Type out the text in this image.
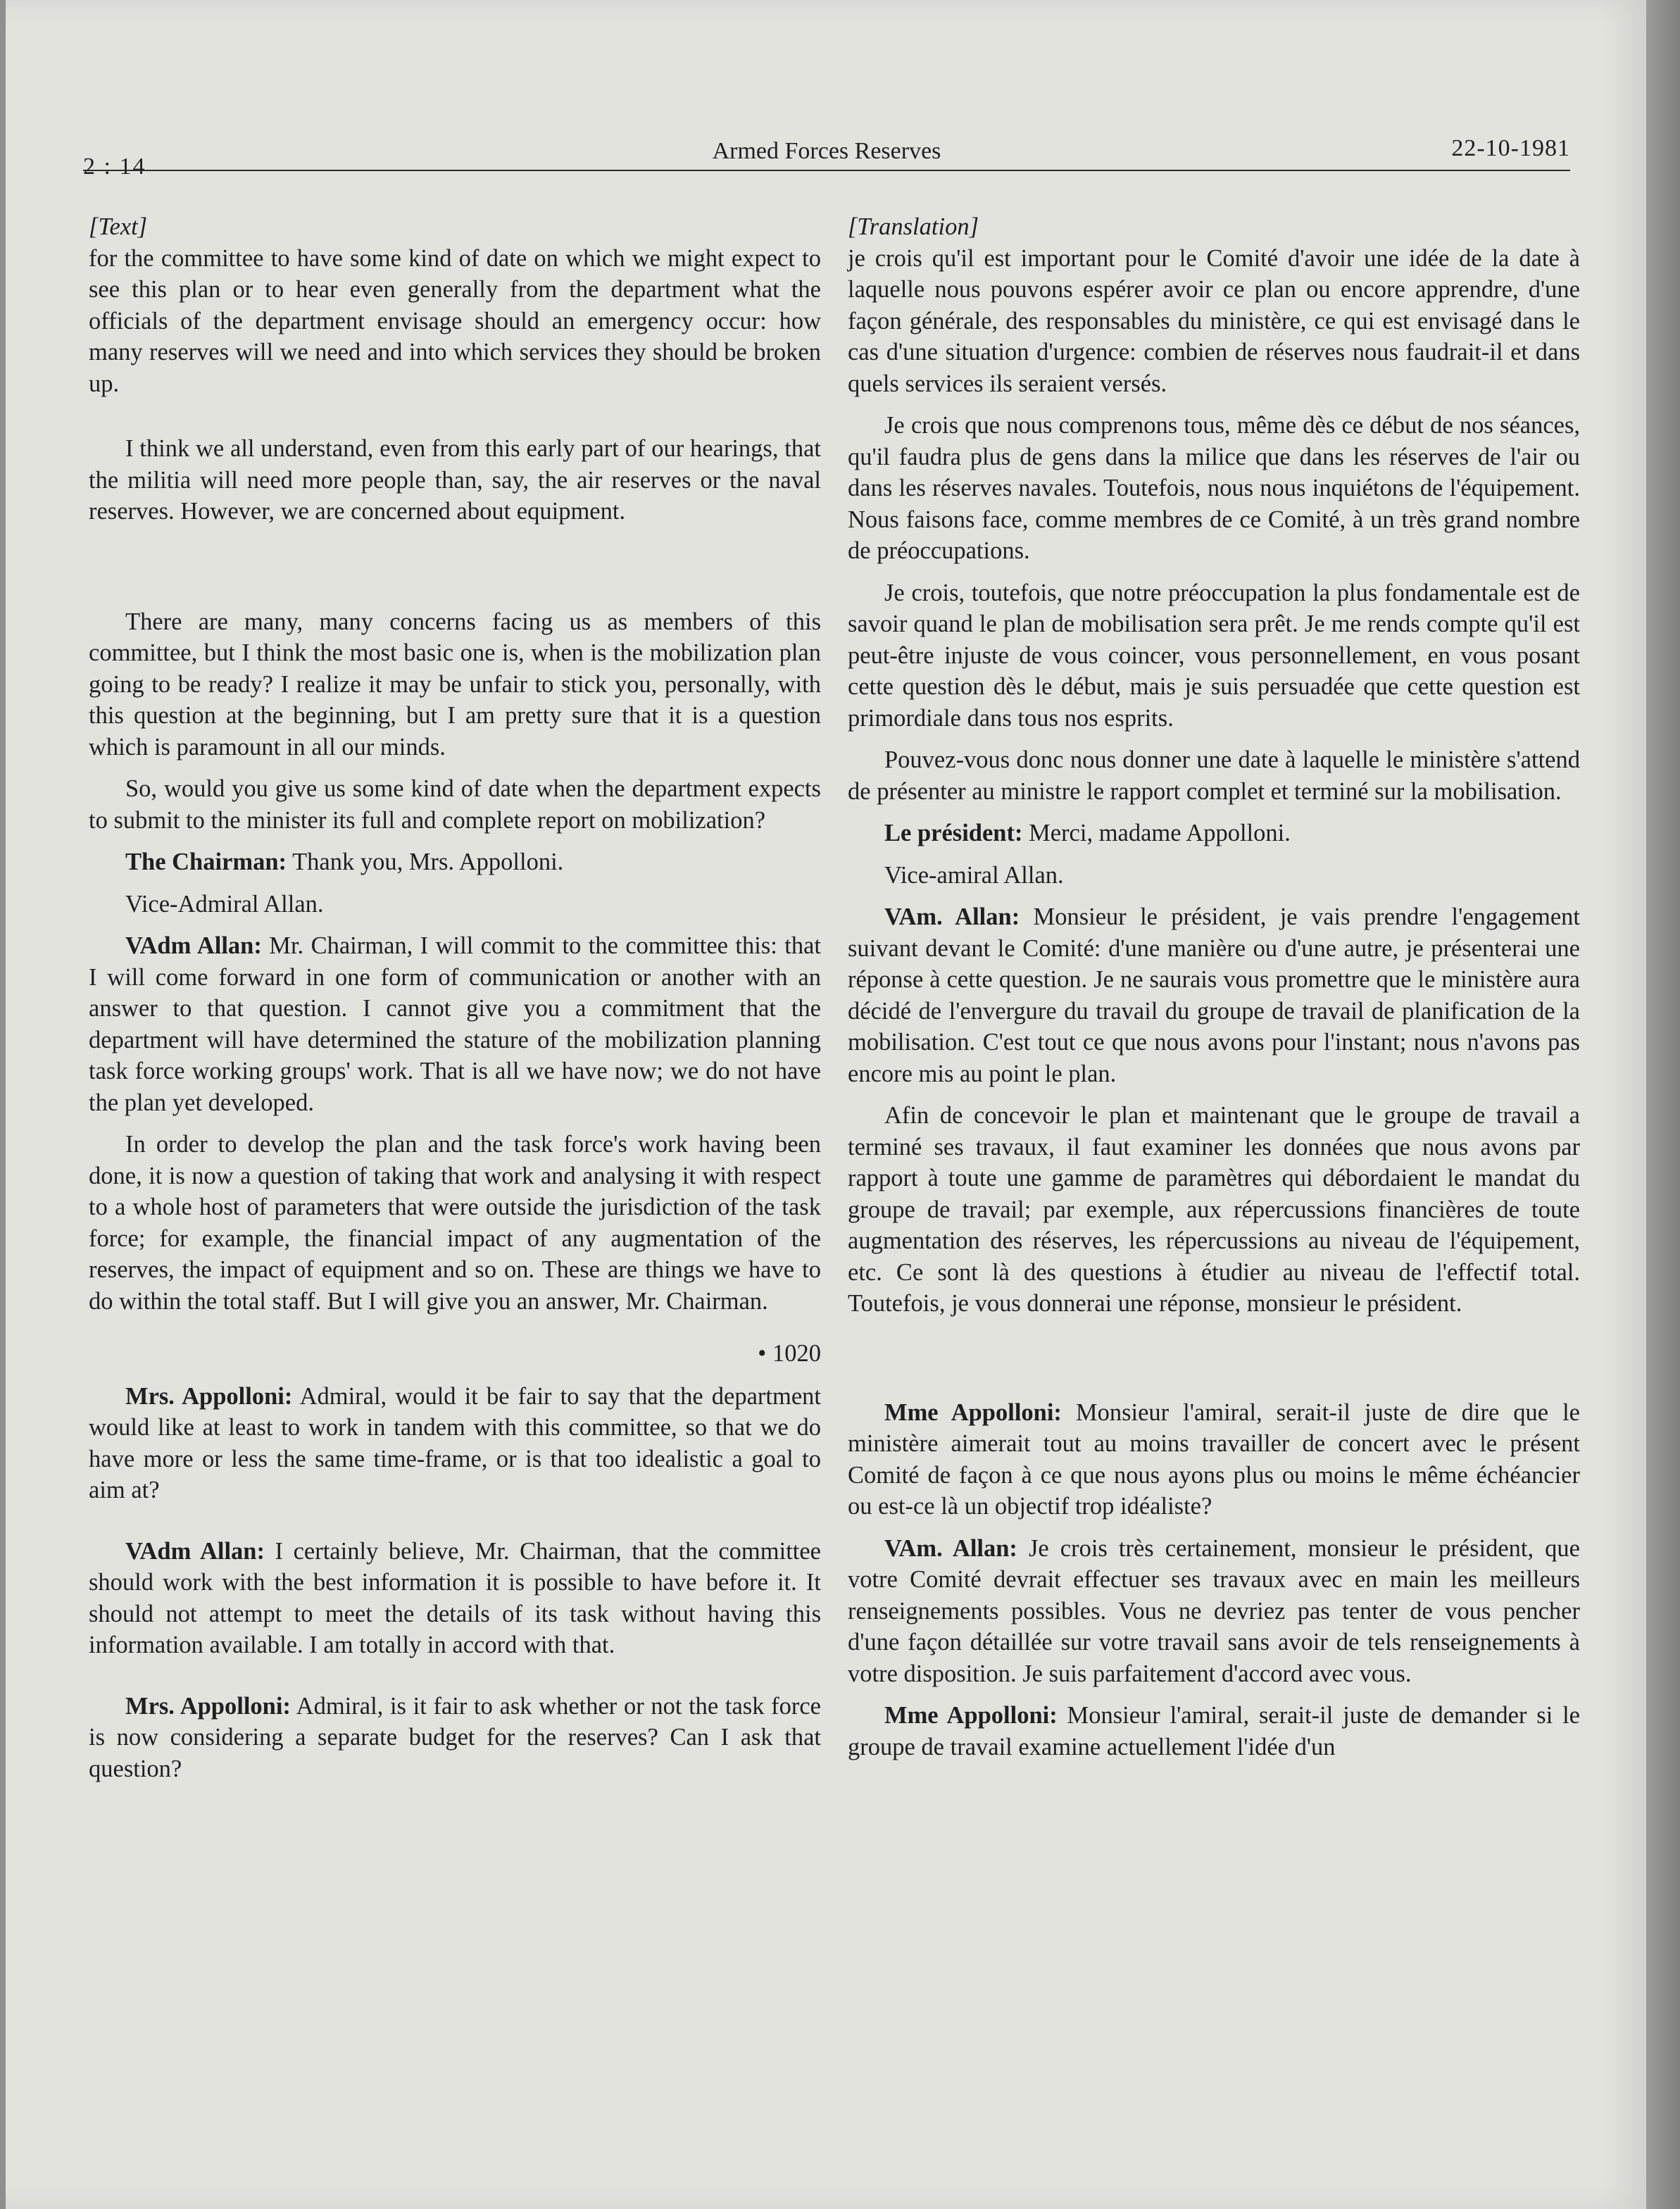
2 : 14
Armed Forces Reserves	22-10-1981

[Text]

for the committee to have some kind of date on which we might expect to see this plan or to hear even generally from the department what the officials of the department envisage should an emergency occur: how many reserves will we need and into which services they should be broken up.

I think we all understand, even from this early part of our hearings, that the militia will need more people than, say, the air reserves or the naval reserves. However, we are concerned about equipment.

There are many, many concerns facing us as members of this committee, but I think the most basic one is, when is the mobilization plan going to be ready? I realize it may be unfair to stick you, personally, with this question at the beginning, but I am pretty sure that it is a question which is paramount in all our minds.

So, would you give us some kind of date when the department expects to submit to the minister its full and complete report on mobilization?

The Chairman: Thank you, Mrs. Appolloni.

Vice-Admiral Allan.

VAdm Allan: Mr. Chairman, I will commit to the committee this: that I will come forward in one form of communication or another with an answer to that question. I cannot give you a commitment that the department will have determined the stature of the mobilization planning task force working groups' work. That is all we have now; we do not have the plan yet developed.

In order to develop the plan and the task force's work having been done, it is now a question of taking that work and analysing it with respect to a whole host of parameters that were outside the jurisdiction of the task force; for example, the financial impact of any augmentation of the reserves, the impact of equipment and so on. These are things we have to do within the total staff. But I will give you an answer, Mr. Chairman.

• 1020

Mrs. Appolloni: Admiral, would it be fair to say that the department would like at least to work in tandem with this committee, so that we do have more or less the same time-frame, or is that too idealistic a goal to aim at?

VAdm Allan: I certainly believe, Mr. Chairman, that the committee should work with the best information it is possible to have before it. It should not attempt to meet the details of its task without having this information available. I am totally in accord with that.

Mrs. Appolloni: Admiral, is it fair to ask whether or not the task force is now considering a separate budget for the reserves? Can I ask that question?

[Translation]

je crois qu'il est important pour le Comité d'avoir une idée de la date à laquelle nous pouvons espérer avoir ce plan ou encore apprendre, d'une façon générale, des responsables du ministère, ce qui est envisagé dans le cas d'une situation d'urgence: combien de réserves nous faudrait-il et dans quels services ils seraient versés.

Je crois que nous comprenons tous, même dès ce début de nos séances, qu'il faudra plus de gens dans la milice que dans les réserves de l'air ou dans les réserves navales. Toutefois, nous nous inquiétons de l'équipement. Nous faisons face, comme membres de ce Comité, à un très grand nombre de préoccupations.

Je crois, toutefois, que notre préoccupation la plus fondamentale est de savoir quand le plan de mobilisation sera prêt. Je me rends compte qu'il est peut-être injuste de vous coincer, vous personnellement, en vous posant cette question dès le début, mais je suis persuadée que cette question est primordiale dans tous nos esprits.

Pouvez-vous donc nous donner une date à laquelle le ministère s'attend de présenter au ministre le rapport complet et terminé sur la mobilisation.

Le président: Merci, madame Appolloni.

Vice-amiral Allan.

VAm. Allan: Monsieur le président, je vais prendre l'engagement suivant devant le Comité: d'une manière ou d'une autre, je présenterai une réponse à cette question. Je ne saurais vous promettre que le ministère aura décidé de l'envergure du travail du groupe de travail de planification de la mobilisation. C'est tout ce que nous avons pour l'instant; nous n'avons pas encore mis au point le plan.

Afin de concevoir le plan et maintenant que le groupe de travail a terminé ses travaux, il faut examiner les données que nous avons par rapport à toute une gamme de paramètres qui débordaient le mandat du groupe de travail; par exemple, aux répercussions financières de toute augmentation des réserves, les répercussions au niveau de l'équipement, etc. Ce sont là des questions à étudier au niveau de l'effectif total. Toutefois, je vous donnerai une réponse, monsieur le président.

Mme Appolloni: Monsieur l'amiral, serait-il juste de dire que le ministère aimerait tout au moins travailler de concert avec le présent Comité de façon à ce que nous ayons plus ou moins le même échéancier ou est-ce là un objectif trop idéaliste?

VAm. Allan: Je crois très certainement, monsieur le président, que votre Comité devrait effectuer ses travaux avec en main les meilleurs renseignements possibles. Vous ne devriez pas tenter de vous pencher d'une façon détaillée sur votre travail sans avoir de tels renseignements à votre disposition. Je suis parfaitement d'accord avec vous.

Mme Appolloni: Monsieur l'amiral, serait-il juste de demander si le groupe de travail examine actuellement l'idée d'un
